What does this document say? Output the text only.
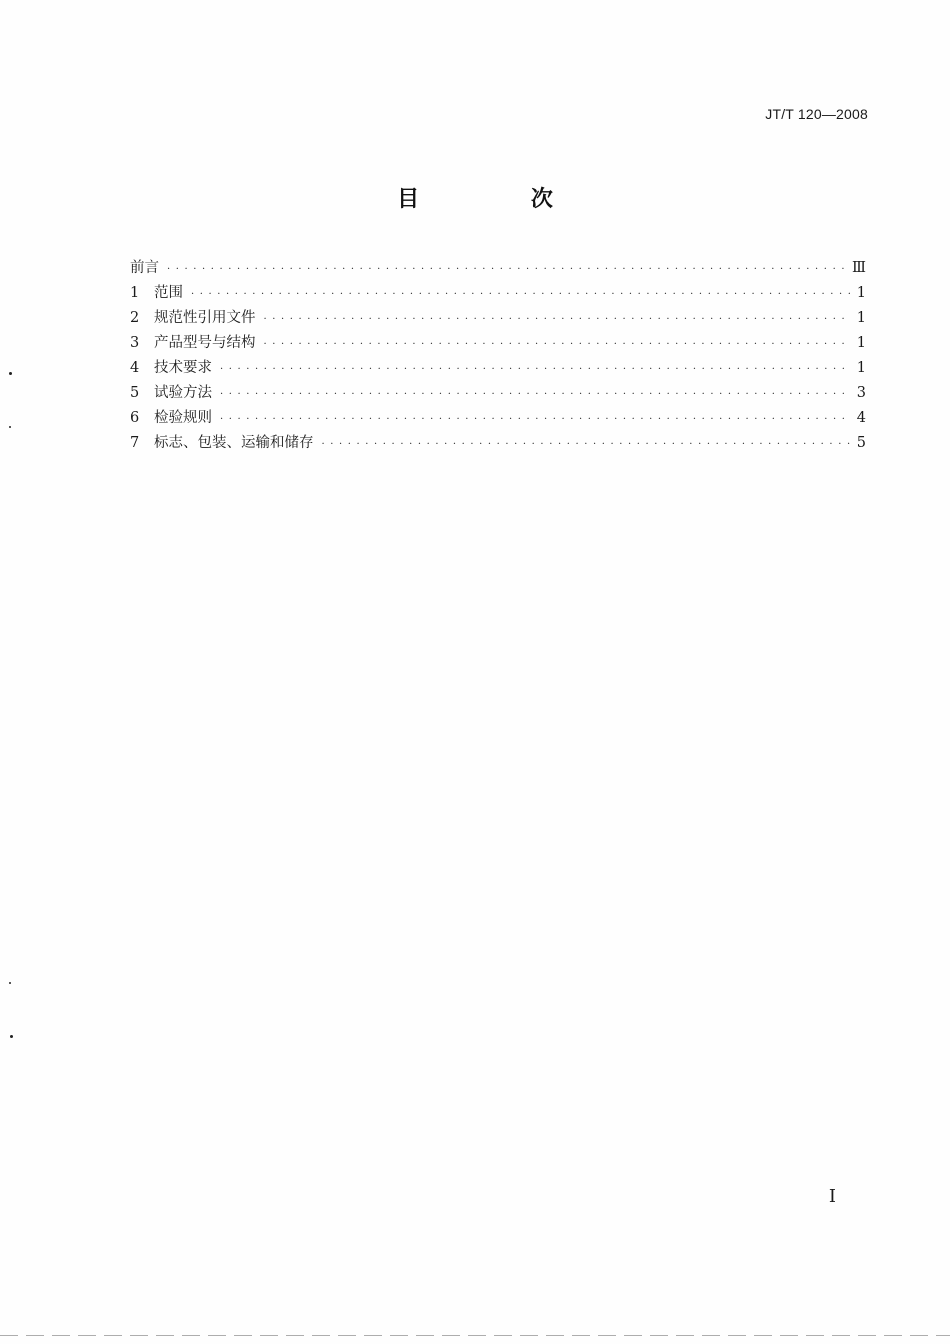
JT/T 120—2008
目 次
前言 · · ·	Ⅲ
1	范围 · · ·	1
2	规范性引用文件 · · ·	1
3	产品型号与结构 · · ·	1
4	技术要求 · · ·	1
5	试验方法 · · ·	3
6	检验规则 · · ·	4
7	标志、包装、运输和储存 · · ·	5
I
